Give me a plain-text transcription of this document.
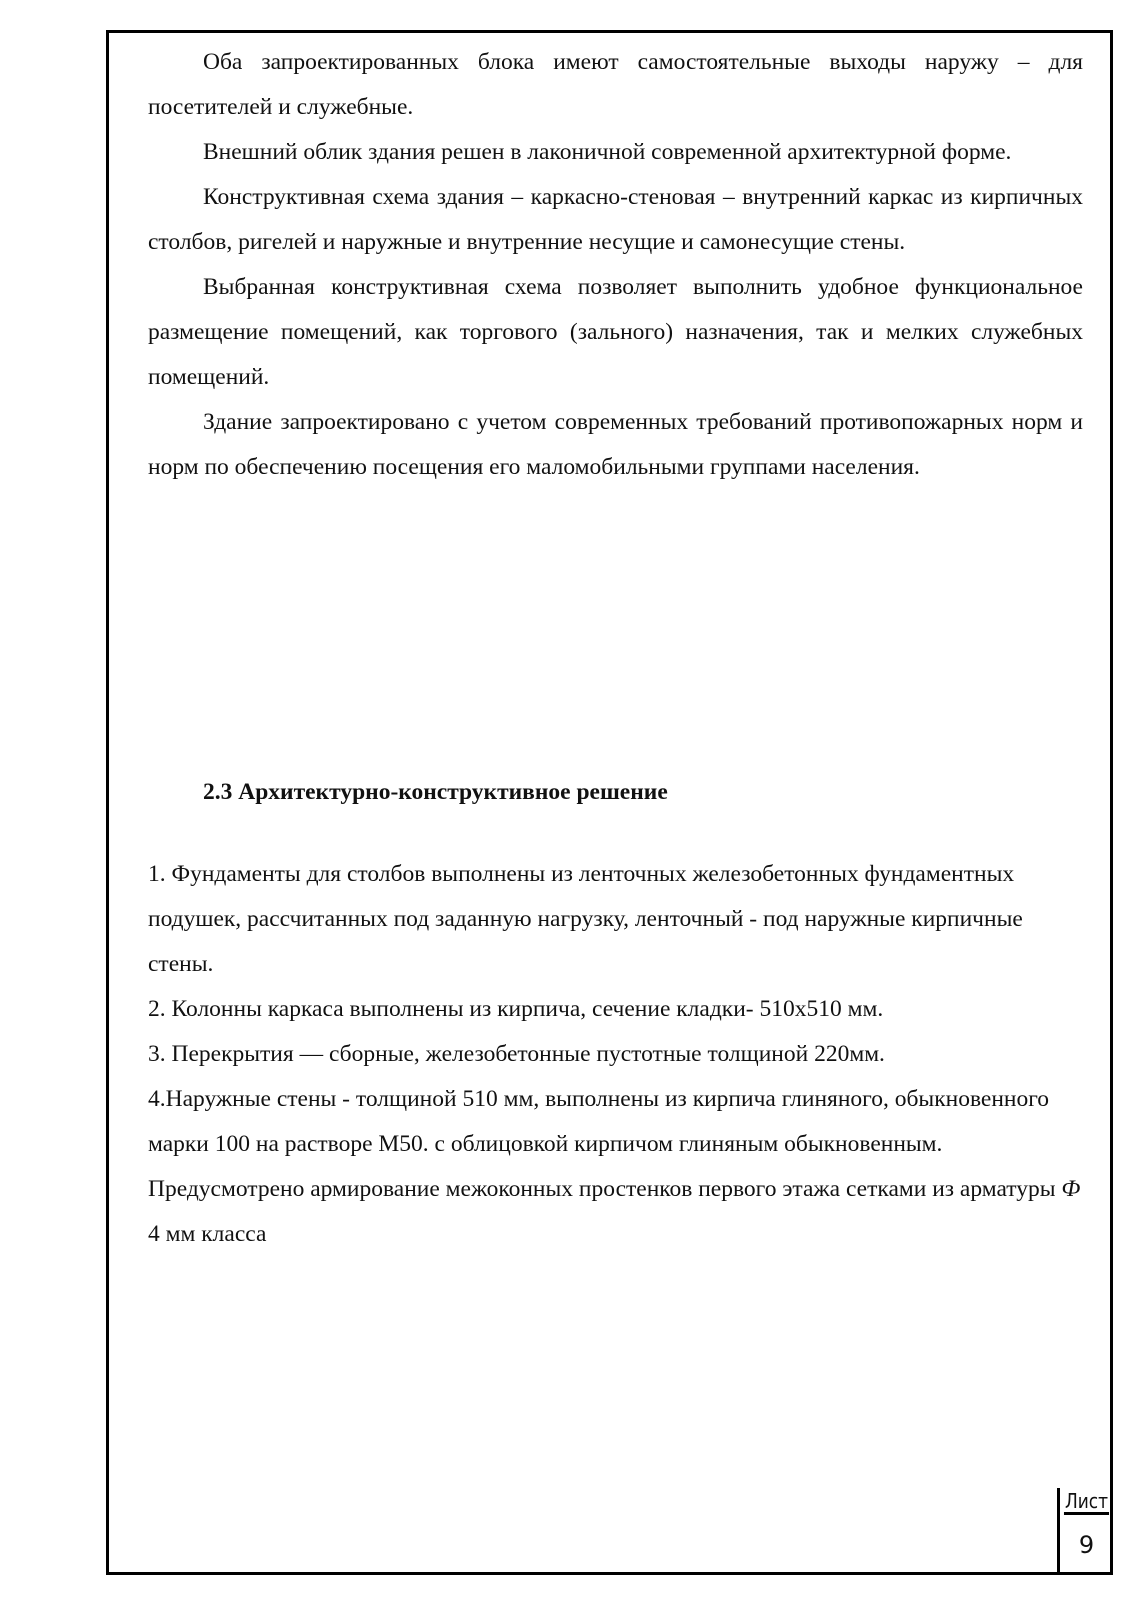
Оба запроектированных блока имеют самостоятельные выходы наружу – для посетителей и служебные.

Внешний облик здания решен в лаконичной современной архитектурной форме.

Конструктивная схема здания – каркасно-стеновая – внутренний каркас из кирпичных столбов, ригелей и наружные и внутренние несущие и самонесущие стены.

Выбранная конструктивная схема позволяет выполнить удобное функциональное размещение помещений, как торгового (зального) назначения, так и мелких служебных помещений.

Здание запроектировано с учетом современных требований противопожарных норм и норм по обеспечению посещения его маломобильными группами населения.

2.3 Архитектурно-конструктивное решение

1. Фундаменты для столбов выполнены из ленточных железобетонных фундаментных подушек, рассчитанных под заданную нагрузку, ленточный - под наружные кирпичные стены.

2. Колонны каркаса выполнены из кирпича, сечение кладки- 510х510 мм.

3. Перекрытия — сборные, железобетонные пустотные толщиной 220мм.

4.Наружные стены - толщиной 510 мм, выполнены из кирпича глиняного, обыкновенного марки 100 на растворе М50. с облицовкой кирпичом глиняным обыкновенным. Предусмотрено армирование межоконных простенков первого этажа сетками из арматуры Ф 4 мм класса

Лист
9
